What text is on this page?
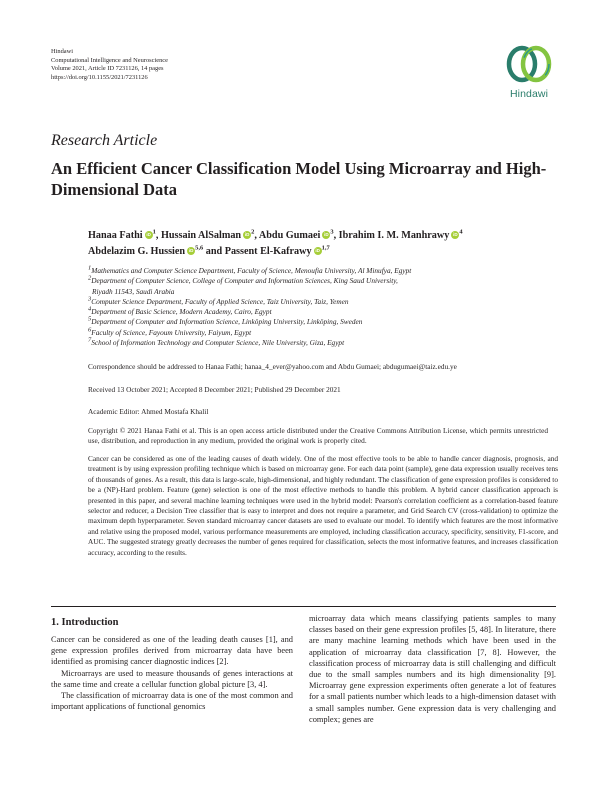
Hindawi
Computational Intelligence and Neuroscience
Volume 2021, Article ID 7231126, 14 pages
https://doi.org/10.1155/2021/7231126
Hindawi
Research Article
An Efficient Cancer Classification Model Using Microarray and High-Dimensional Data
Hanaa Fathi iD $^1$, Hussain AlSalman iD $^2$, Abdu Gumaei iD $^3$, Ibrahim I. M. Manhrawy iD $^4$
Abdelazim G. Hussien iD $^{5,6}$ and Passent El-Kafrawy iD $^{1,7}$
1Mathematics and Computer Science Department, Faculty of Science, Menoufia University, Al Minufya, Egypt
2Department of Computer Science, College of Computer and Information Sciences, King Saud University,
Riyadh 11543, Saudi Arabia
3Computer Science Department, Faculty of Applied Science, Taiz University, Taiz, Yemen
4Department of Basic Science, Modern Academy, Cairo, Egypt
5Department of Computer and Information Science, Linköping University, Linköping, Sweden
6Faculty of Science, Fayoum University, Faiyum, Egypt
7School of Information Technology and Computer Science, Nile University, Giza, Egypt
Correspondence should be addressed to Hanaa Fathi; hanaa_4_ever@yahoo.com and Abdu Gumaei; abdugumaei@taiz.edu.ye
Received 13 October 2021; Accepted 8 December 2021; Published 29 December 2021
Academic Editor: Ahmed Mostafa Khalil
Copyright © 2021 Hanaa Fathi et al. This is an open access article distributed under the Creative Commons Attribution License, which permits unrestricted use, distribution, and reproduction in any medium, provided the original work is properly cited.
Cancer can be considered as one of the leading causes of death widely. One of the most effective tools to be able to handle cancer diagnosis, prognosis, and treatment is by using expression profiling technique which is based on microarray gene. For each data point (sample), gene data expression usually receives tens of thousands of genes. As a result, this data is large-scale, high-dimensional, and highly redundant. The classification of gene expression profiles is considered to be a (NP)-Hard problem. Feature (gene) selection is one of the most effective methods to handle this problem. A hybrid cancer classification approach is presented in this paper, and several machine learning techniques were used in the hybrid model: Pearson's correlation coefficient as a correlation-based feature selector and reducer, a Decision Tree classifier that is easy to interpret and does not require a parameter, and Grid Search CV (cross-validation) to optimize the maximum depth hyperparameter. Seven standard microarray cancer datasets are used to evaluate our model. To identify which features are the most informative and relative using the proposed model, various performance measurements are employed, including classification accuracy, specificity, sensitivity, F1-score, and AUC. The suggested strategy greatly decreases the number of genes required for classification, selects the most informative features, and increases classification accuracy, according to the results.
1. Introduction

Cancer can be considered as one of the leading death causes [1], and gene expression profiles derived from microarray data have been identified as promising cancer diagnostic indices [2].

Microarrays are used to measure thousands of genes interactions at the same time and create a cellular function global picture [3, 4].

The classification of microarray data is one of the most common and important applications of functional genomics

microarray data which means classifying patients samples to many classes based on their gene expression profiles [5, 48]. In literature, there are many machine learning methods which have been used in the application of microarray data classification [7, 8]. However, the classification process of microarray data is still challenging and difficult due to the small samples numbers and its high dimensionality [9]. Microarray gene expression experiments often generate a lot of features for a small patients number which leads to a high-dimension dataset with a small samples number. Gene expression data is very challenging and complex; genes are
